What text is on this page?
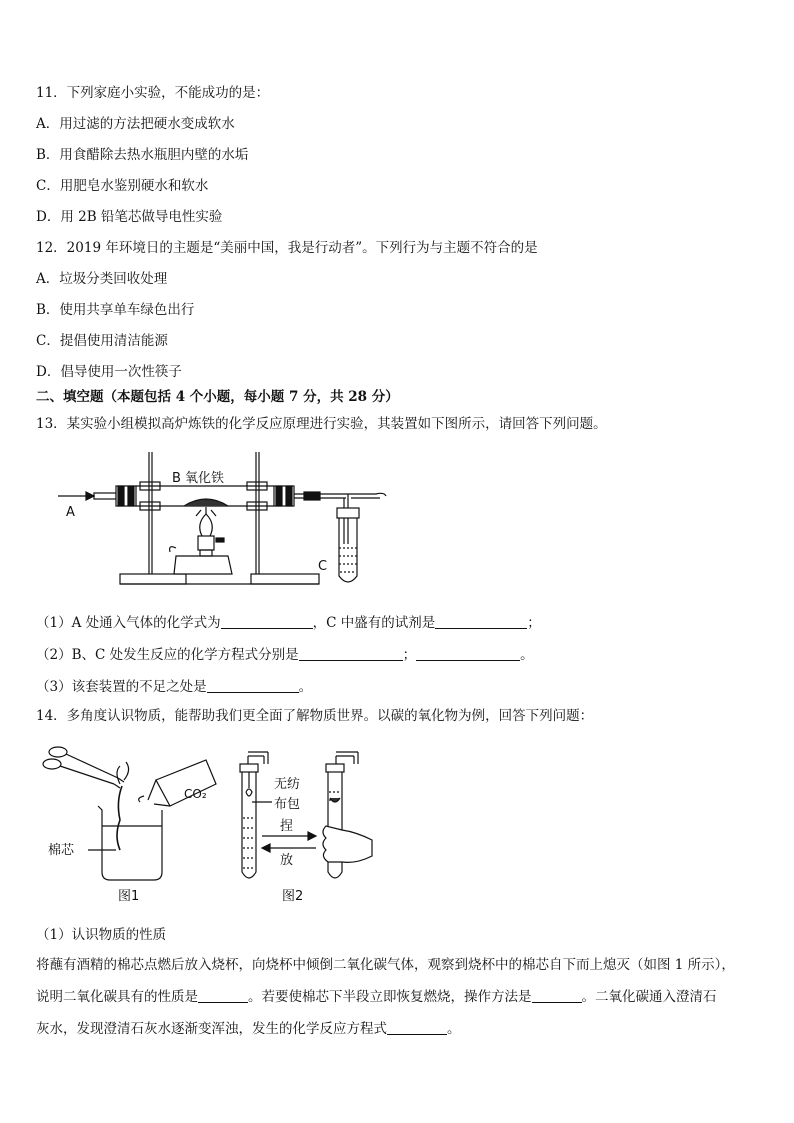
11．下列家庭小实验，不能成功的是：
A．用过滤的方法把硬水变成软水
B．用食醋除去热水瓶胆内壁的水垢
C．用肥皂水鉴别硬水和软水
D．用 2B 铅笔芯做导电性实验
12．2019 年环境日的主题是“美丽中国，我是行动者”。下列行为与主题不符合的是
A．垃圾分类回收处理
B．使用共享单车绿色出行
C．提倡使用清洁能源
D．倡导使用一次性筷子
二、填空题（本题包括 4 个小题，每小题 7 分，共 28 分）
13．某实验小组模拟高炉炼铁的化学反应原理进行实验，其装置如下图所示，请回答下列问题。
B 氧化铁
A
C
（1）A 处通入气体的化学式为	，C 中盛有的试剂是	；
（2）B、C 处发生反应的化学方程式分别是	；	。
（3）该套装置的不足之处是	。
14．多角度认识物质，能帮助我们更全面了解物质世界。以碳的氧化物为例，回答下列问题：
CO₂
棉芯
图1
无纺
布包
捏
放
图2
（1）认识物质的性质
将蘸有酒精的棉芯点燃后放入烧杯，向烧杯中倾倒二氧化碳气体，观察到烧杯中的棉芯自下而上熄灭（如图 1 所示），
说明二氧化碳具有的性质是	。若要使棉芯下半段立即恢复燃烧，操作方法是	。二氧化碳通入澄清石
灰水，发现澄清石灰水逐渐变浑浊，发生的化学反应方程式	。
